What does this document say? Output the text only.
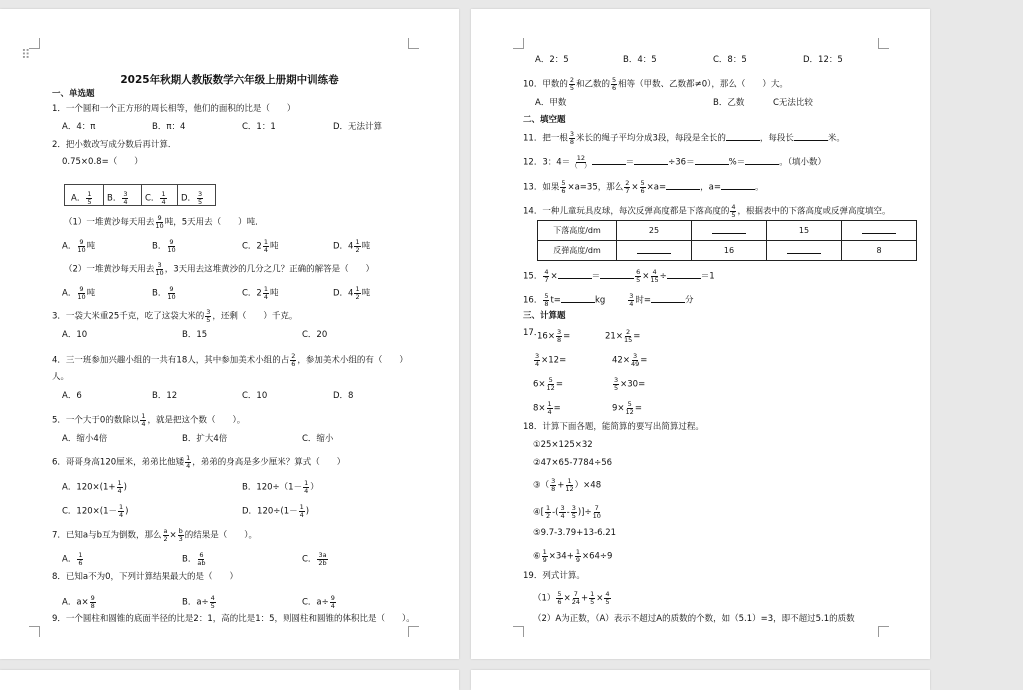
⠿
2025年秋期人教版数学六年级上册期中训练卷
一、单选题
1．一个圆和一个正方形的周长相等，他们的面积的比是（　　）
A．4：π	B．π：4	C．1：1	D．无法计算
2．把小数改写成分数后再计算．
0.75×0.8=（　　）
A． $\frac{1}{5}$ B． $\frac{3}{4}$ C． $\frac{1}{4}$ D． $\frac{3}{5}$
（1）一堆黄沙每天用去 $\frac{9}{10}$ 吨，5天用去（　　）吨．
A． $\frac{9}{10}$ 吨	B． $\frac{9}{10}$	C．$2 \frac{1}{4}$ 吨	D．$4 \frac{1}{2}$ 吨
（2）一堆黄沙每天用去 $\frac{3}{10}$ ，3天用去这堆黄沙的几分之几？正确的解答是（　　）
A． $\frac{9}{10}$ 吨	B． $\frac{9}{10}$	C．$2 \frac{1}{4}$ 吨	D．$4 \frac{1}{2}$ 吨
3．一袋大米重25千克，吃了这袋大米的 $\frac{3}{5}$ ，还剩（　　）千克。
A．10	B．15	C．20
4．三一班参加兴趣小组的一共有18人，其中参加美术小组的占 $\frac{2}{6}$ ，参加美术小组的有（　　）
人。
A．6	B．12	C．10	D．8
5．一个大于0的数除以 $\frac{1}{4}$ ，就是把这个数（　　）。
A．缩小4倍	B．扩大4倍	C．缩小
6．哥哥身高120厘米，弟弟比他矮 $\frac{1}{4}$ ，弟弟的身高是多少厘米？算式（　　）
A．$120\times(1+ \frac{1}{4}$ )	B．$120\div(1- \frac{1}{4}$ ）
C．$120\times(1- \frac{1}{4}$ )	D．$120\div(1- \frac{1}{4}$ )
7．已知a与b互为倒数，那么 $\frac{a}{2} \times \frac{b}{3}$ 的结果是（　　）。
A． $\frac{1}{6}$	B． $\frac{6}{ab}$	C． $\frac{3a}{2b}$
8．已知a不为0，下列计算结果最大的是（　　）
A．$a\times \frac{9}{8}$	B．$a\div \frac{4}{5}$	C．$a\div \frac{9}{4}$
9．一个圆柱和圆锥的底面半径的比是2：1，高的比是1：5，则圆柱和圆锥的体积比是（　　）。
A．2：5	B．4：5	C．8：5	D．12：5
10．甲数的 $\frac{2}{5}$ 和乙数的 $\frac{5}{6}$ 相等（甲数、乙数都≠0），那么（　　）大。
A．甲数	B．乙数	C无法比较
二、填空题
11．把一根 $\frac{3}{8}$ 米长的绳子平均分成3段，每段是全长的	，每段长	米。
12．3：4＝ 12
（　）	＝	÷36＝	%＝	。（填小数）
13．如果 $\frac{5}{6} \times a=35$，那么 $\frac{2}{7} \times \frac{5}{6} \times a=$	，a=	。
14．一种儿童玩具皮球，每次反弹高度都是下落高度的 $\frac{4}{5}$ ，根据表中的下落高度或反弹高度填空。
下落高度/dm	25		15	
反弹高度/dm		16		8
15． $\frac{4}{7}$ ×	＝	$\frac{6}{5} \times \frac{4}{15}$ ÷	＝1
16． $\frac{5}{8} t=$	kg	$\frac{3}{4}$ 时=	分
三、计算题
17．
$16\times \frac{3}{8}$ =	$21\times \frac{2}{15}$ =
$\frac{3}{4} \times 12=$	$42\times \frac{3}{49}$ =
$6\times \frac{5}{12}$ =	$\frac{3}{5} \times 30=$
$8\times \frac{1}{4}$ =	$9\times \frac{5}{12}$ =
18．计算下面各题，能简算的要写出简算过程。
①25×125×32
②47×65-7784÷56
③（ $\frac{3}{8} + \frac{1}{12} )\times 48$
④[ $\frac{1}{2}$ -( $\frac{3}{4} - \frac{3}{5}$ )]÷ $\frac{7}{10}$
⑤9.7-3.79+13-6.21
⑥ $\frac{1}{9} \times 34+ \frac{1}{9} \times 64\div 9$
19．列式计算。
$(1) \frac{5}{6} \times \frac{7}{24} + \frac{1}{5} \times \frac{4}{5}$
（2）A为正数，（A）表示不超过A的质数的个数，如（5.1）=3，即不超过5.1的质数
